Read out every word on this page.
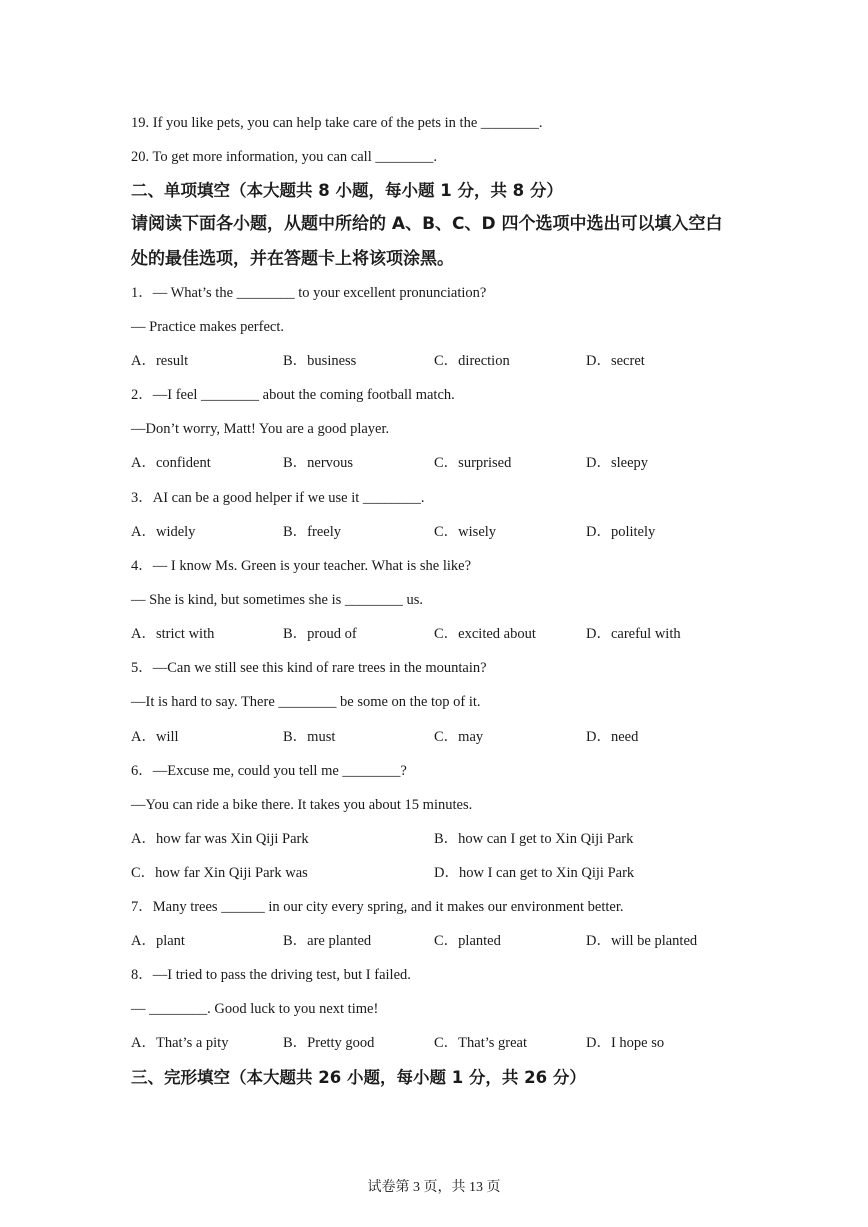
19. If you like pets, you can help take care of the pets in the ________.
20. To get more information, you can call ________.
二、单项填空（本大题共 8 小题，每小题 1 分，共 8 分）
请阅读下面各小题，从题中所给的 A、B、C、D 四个选项中选出可以填入空白
处的最佳选项，并在答题卡上将该项涂黑。
1．— What’s the ________ to your excellent pronunciation?
— Practice makes perfect.
A．result	B．business	C．direction	D．secret
2．—I feel ________ about the coming football match.
—Don’t worry, Matt! You are a good player.
A．confident	B．nervous	C．surprised	D．sleepy
3．AI can be a good helper if we use it ________.
A．widely	B．freely	C．wisely	D．politely
4．— I know Ms. Green is your teacher. What is she like?
— She is kind, but sometimes she is ________ us.
A．strict with	B．proud of	C．excited about	D．careful with
5．—Can we still see this kind of rare trees in the mountain?
—It is hard to say. There ________ be some on the top of it.
A．will	B．must	C．may	D．need
6．—Excuse me, could you tell me ________?
—You can ride a bike there. It takes you about 15 minutes.
A．how far was Xin Qiji Park	B．how can I get to Xin Qiji Park
C．how far Xin Qiji Park was	D．how I can get to Xin Qiji Park
7．Many trees ______ in our city every spring, and it makes our environment better.
A．plant	B．are planted	C．planted	D．will be planted
8．—I tried to pass the driving test, but I failed.
— ________. Good luck to you next time!
A．That’s a pity	B．Pretty good	C．That’s great	D．I hope so
三、完形填空（本大题共 26 小题，每小题 1 分，共 26 分）
试卷第 3 页，共 13 页
